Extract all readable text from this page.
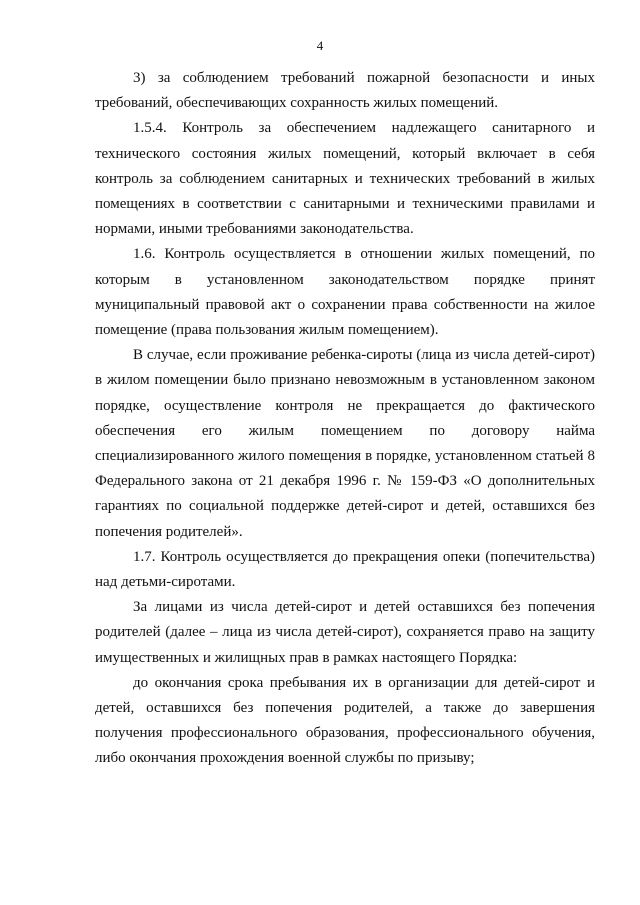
4

3) за соблюдением требований пожарной безопасности и иных требований, обеспечивающих сохранность жилых помещений.

1.5.4. Контроль за обеспечением надлежащего санитарного и технического состояния жилых помещений, который включает в себя контроль за соблюдением санитарных и технических требований в жилых помещениях в соответствии с санитарными и техническими правилами и нормами, иными требованиями законодательства.

1.6. Контроль осуществляется в отношении жилых помещений, по которым в установленном законодательством порядке принят муниципальный правовой акт о сохранении права собственности на жилое помещение (права пользования жилым помещением).

В случае, если проживание ребенка-сироты (лица из числа детей-сирот) в жилом помещении было признано невозможным в установленном законом порядке, осуществление контроля не прекращается до фактического обеспечения его жилым помещением по договору найма специализированного жилого помещения в порядке, установленном статьей 8 Федерального закона от 21 декабря 1996 г. № 159-ФЗ «О дополнительных гарантиях по социальной поддержке детей-сирот и детей, оставшихся без попечения родителей».

1.7. Контроль осуществляется до прекращения опеки (попечительства) над детьми-сиротами.

За лицами из числа детей-сирот и детей оставшихся без попечения родителей (далее – лица из числа детей-сирот), сохраняется право на защиту имущественных и жилищных прав в рамках настоящего Порядка:

до окончания срока пребывания их в организации для детей-сирот и детей, оставшихся без попечения родителей, а также до завершения получения профессионального образования, профессионального обучения, либо окончания прохождения военной службы по призыву;
